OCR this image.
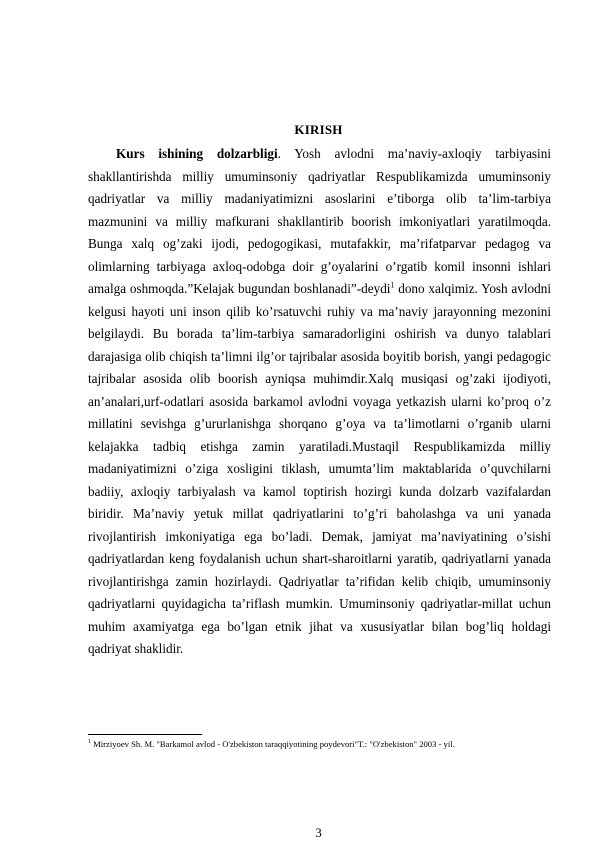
KIRISH

Kurs ishining dolzarbligi. Yosh avlodni ma’naviy-axloqiy tarbiyasini shakllantirishda milliy umuminsoniy qadriyatlar Respublikamizda umuminsoniy qadriyatlar va milliy madaniyatimizni asoslarini e’tiborga olib ta’lim-tarbiya mazmunini va milliy mafkurani shakllantirib boorish imkoniyatlari yaratilmoqda. Bunga xalq og’zaki ijodi, pedogogikasi, mutafakkir, ma’rifatparvar pedagog va olimlarning tarbiyaga axloq-odobga doir g’oyalarini o’rgatib komil insonni ishlari amalga oshmoqda.”Kelajak bugundan boshlanadi”-deydi$^1$ dono xalqimiz. Yosh avlodni kelgusi hayoti uni inson qilib ko’rsatuvchi ruhiy va ma’naviy jarayonning mezonini belgilaydi. Bu borada ta’lim-tarbiya samaradorligini oshirish va dunyo talablari darajasiga olib chiqish ta’limni ilg’or tajribalar asosida boyitib borish, yangi pedagogic tajribalar asosida olib boorish ayniqsa muhimdir.Xalq musiqasi og’zaki ijodiyoti, an’analari,urf-odatlari asosida barkamol avlodni voyaga yetkazish ularni ko’proq o’z millatini sevishga g’ururlanishga shorqano g’oya va ta’limotlarni o’rganib ularni kelajakka tadbiq etishga zamin yaratiladi.Mustaqil Respublikamizda milliy madaniyatimizni o’ziga xosligini tiklash, umumta’lim maktablarida o’quvchilarni badiiy, axloqiy tarbiyalash va kamol toptirish hozirgi kunda dolzarb vazifalardan biridir. Ma’naviy yetuk millat qadriyatlarini to’g’ri baholashga va uni yanada rivojlantirish imkoniyatiga ega bo’ladi. Demak, jamiyat ma’naviyatining o’sishi qadriyatlardan keng foydalanish uchun shart-sharoitlarni yaratib, qadriyatlarni yanada rivojlantirishga zamin hozirlaydi. Qadriyatlar ta’rifidan kelib chiqib, umuminsoniy qadriyatlarni quyidagicha ta’riflash mumkin. Umuminsoniy qadriyatlar-millat uchun muhim axamiyatga ega bo’lgan etnik jihat va xususiyatlar bilan bog’liq holdagi qadriyat shaklidir.

$^1$ Mirziyoev Sh. M. "Barkamol avlod - O'zbekiston taraqqiyotining poydevori"T.: "O'zbekiston" 2003 - yil.
3
